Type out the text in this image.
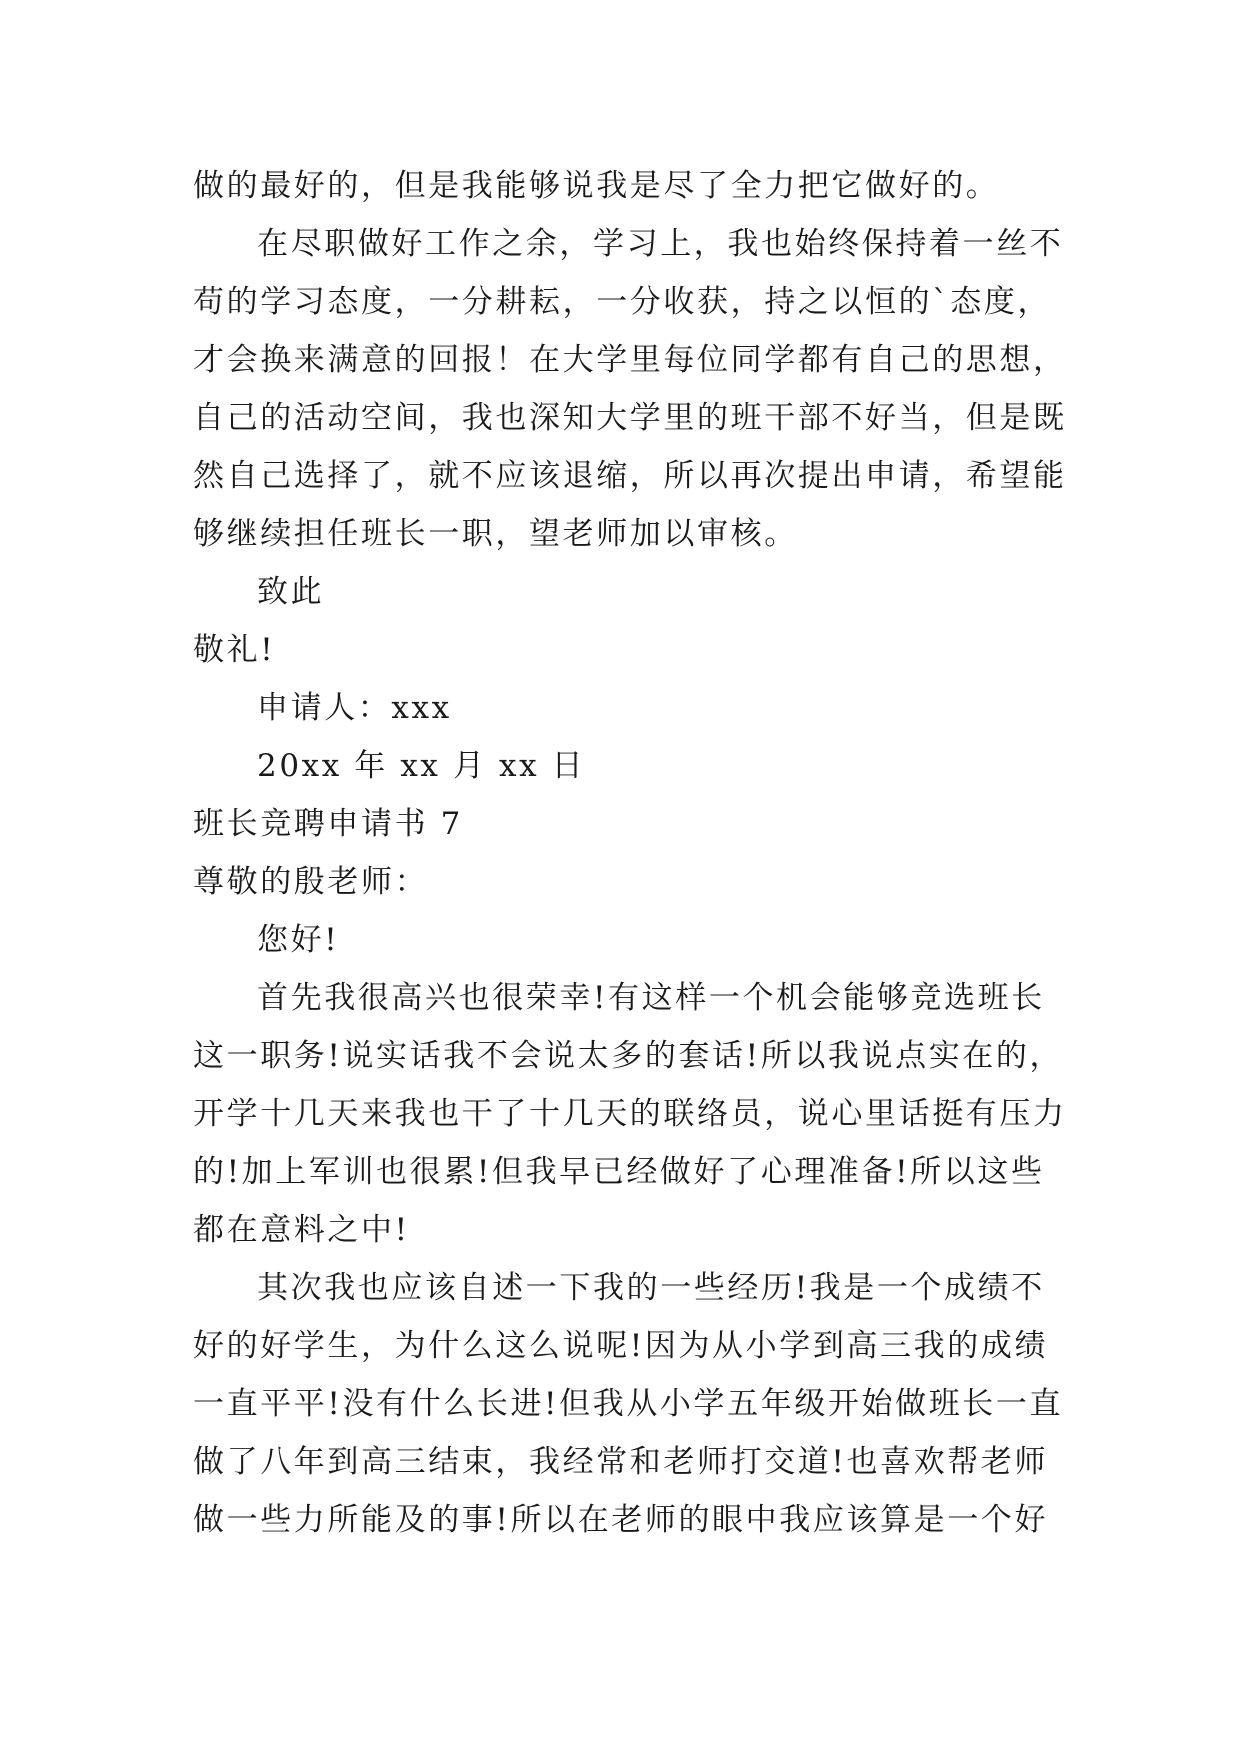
做的最好的，但是我能够说我是尽了全力把它做好的。
在尽职做好工作之余，学习上，我也始终保持着一丝不
苟的学习态度，一分耕耘，一分收获，持之以恒的`态度，
才会换来满意的回报！在大学里每位同学都有自己的思想，
自己的活动空间，我也深知大学里的班干部不好当，但是既
然自己选择了，就不应该退缩，所以再次提出申请，希望能
够继续担任班长一职，望老师加以审核。
致此
敬礼!
申请人：xxx
20xx 年 xx 月 xx 日
班长竞聘申请书 7
尊敬的殷老师：
您好!
首先我很高兴也很荣幸!有这样一个机会能够竞选班长
这一职务!说实话我不会说太多的套话!所以我说点实在的，
开学十几天来我也干了十几天的联络员，说心里话挺有压力
的!加上军训也很累!但我早已经做好了心理准备!所以这些
都在意料之中!
其次我也应该自述一下我的一些经历!我是一个成绩不
好的好学生，为什么这么说呢!因为从小学到高三我的成绩
一直平平!没有什么长进!但我从小学五年级开始做班长一直
做了八年到高三结束，我经常和老师打交道!也喜欢帮老师
做一些力所能及的事!所以在老师的眼中我应该算是一个好
